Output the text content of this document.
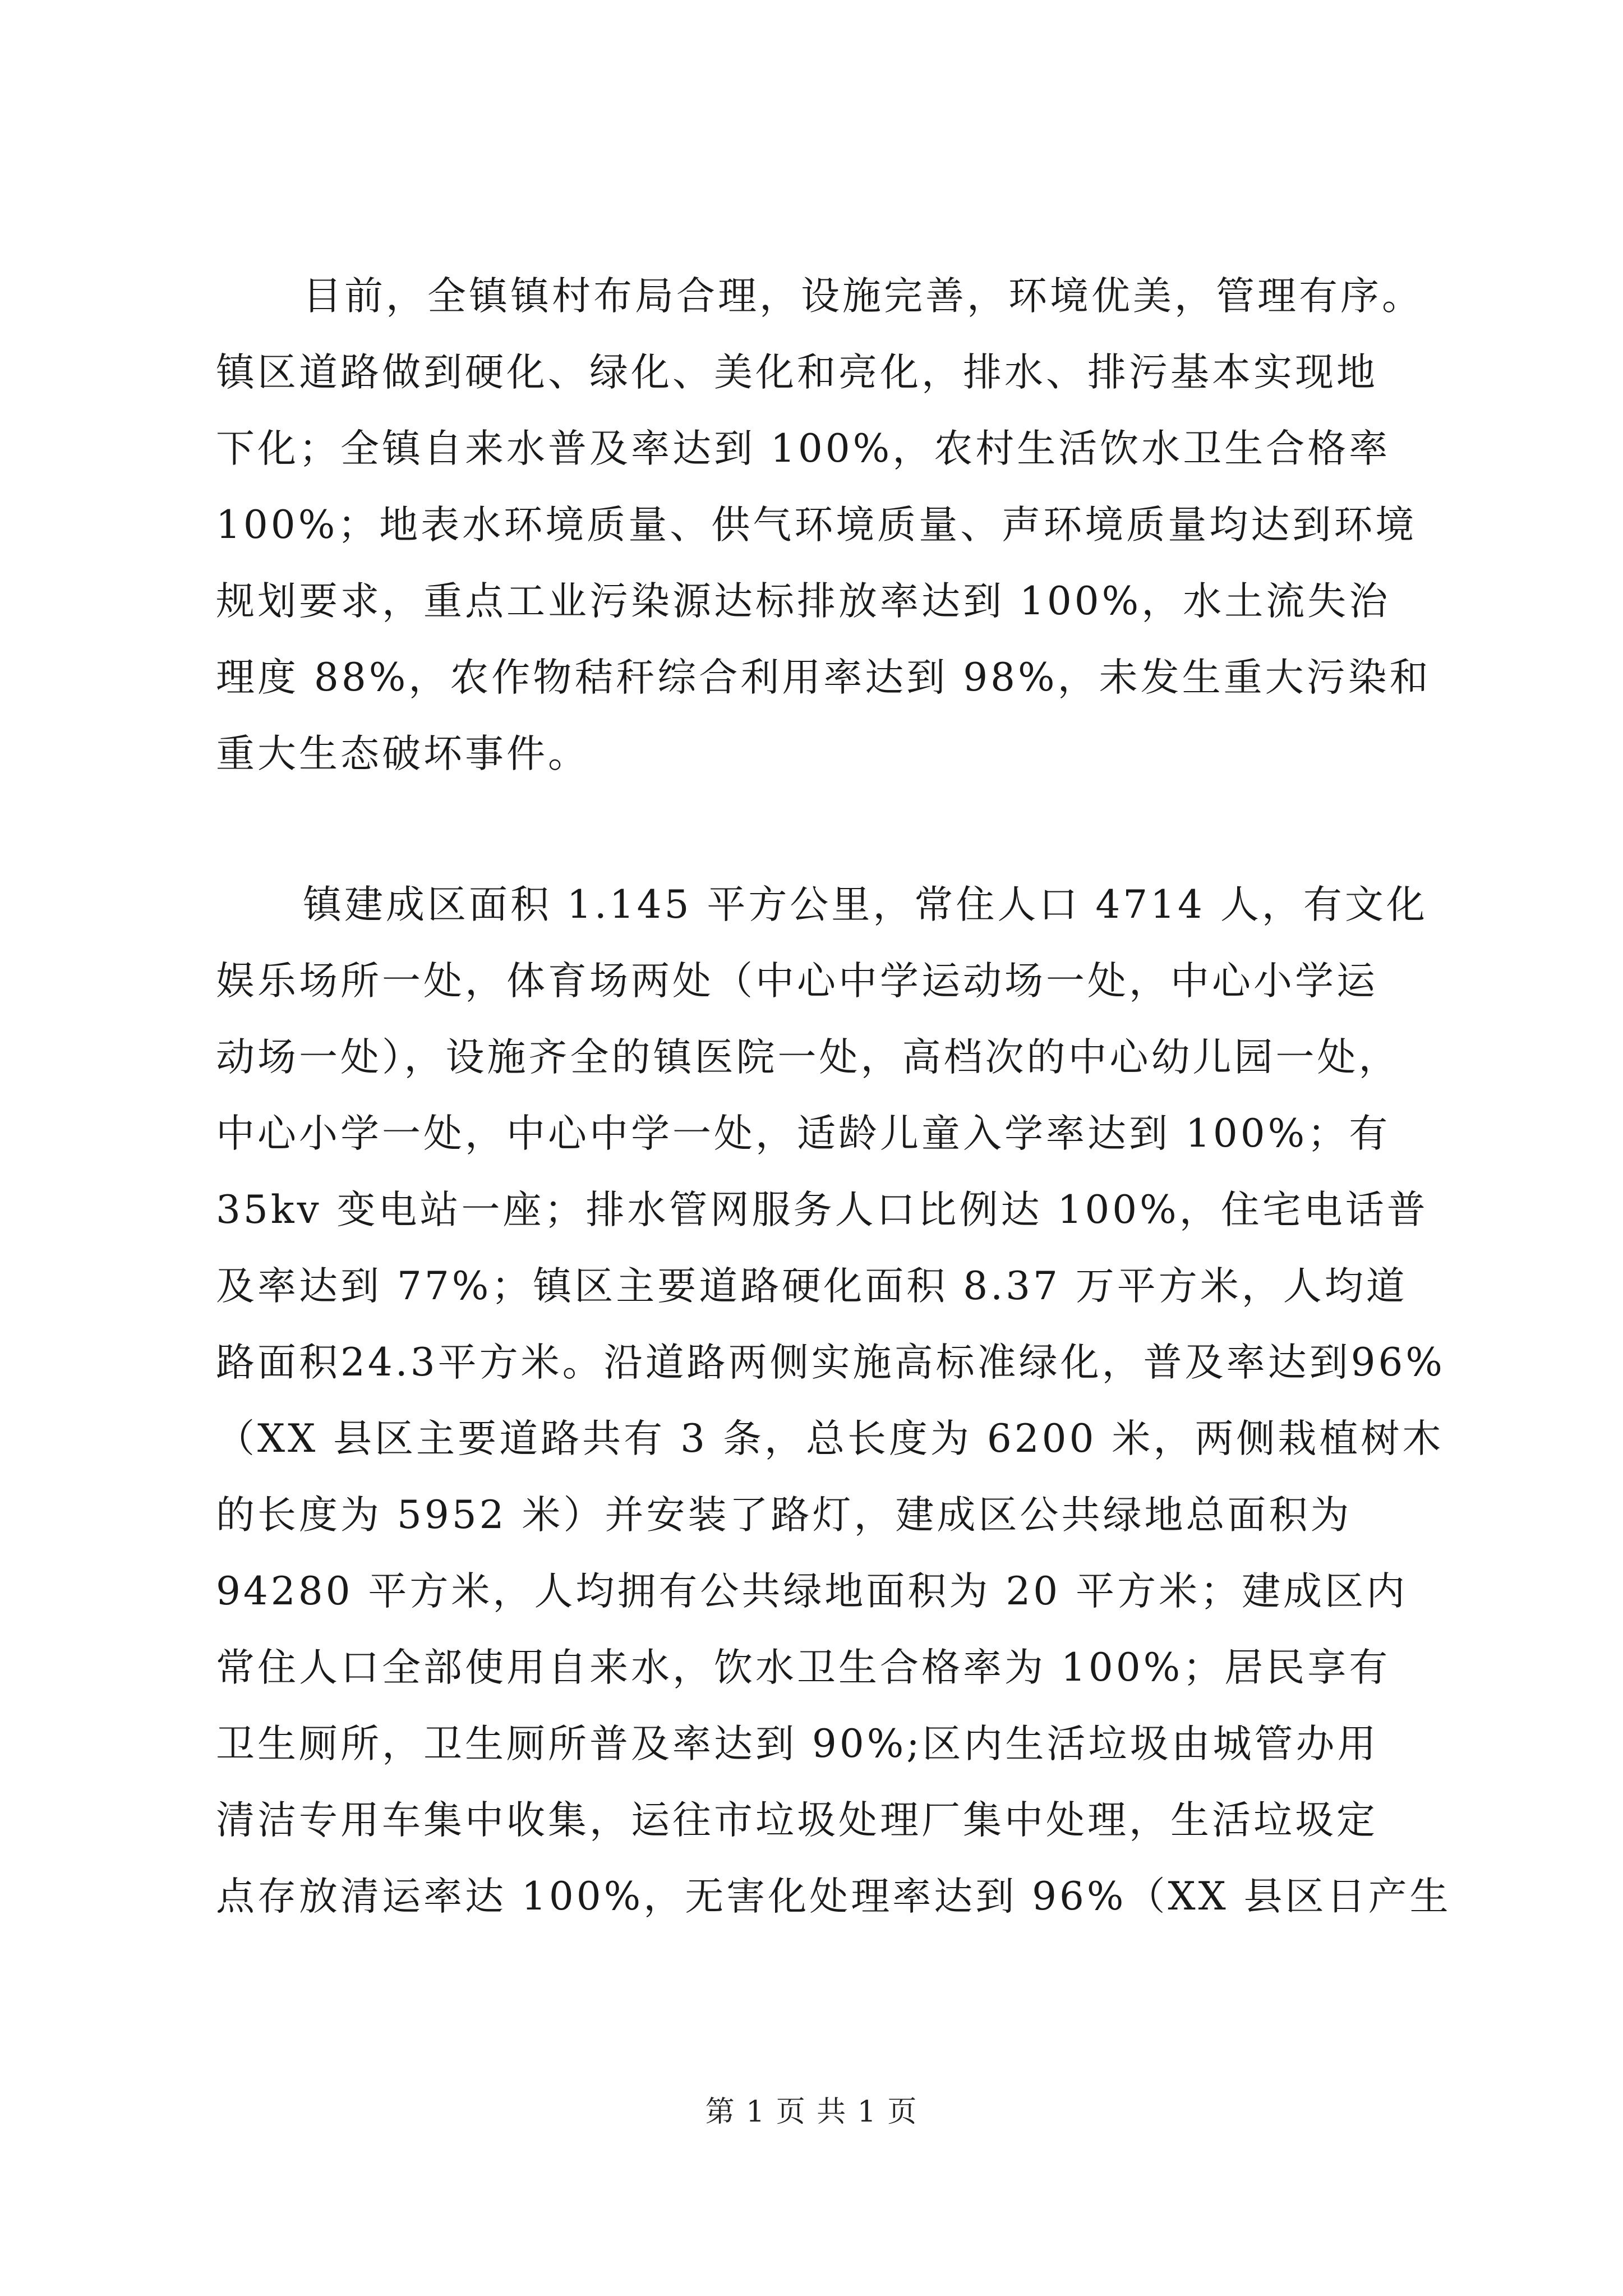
目前，全镇镇村布局合理，设施完善，环境优美，管理有序。
镇区道路做到硬化、绿化、美化和亮化，排水、排污基本实现地
下化；全镇自来水普及率达到 100%，农村生活饮水卫生合格率
100%；地表水环境质量、供气环境质量、声环境质量均达到环境
规划要求，重点工业污染源达标排放率达到 100%，水土流失治
理度 88%，农作物秸秆综合利用率达到 98%，未发生重大污染和
重大生态破坏事件。
镇建成区面积 1.145 平方公里，常住人口 4714 人，有文化
娱乐场所一处，体育场两处（中心中学运动场一处，中心小学运
动场一处），设施齐全的镇医院一处，高档次的中心幼儿园一处，
中心小学一处，中心中学一处，适龄儿童入学率达到 100%；有
35kv 变电站一座；排水管网服务人口比例达 100%，住宅电话普
及率达到 77%；镇区主要道路硬化面积 8.37 万平方米，人均道
路面积24.3平方米。沿道路两侧实施高标准绿化，普及率达到96%
（XX 县区主要道路共有 3 条，总长度为 6200 米，两侧栽植树木
的长度为 5952 米）并安装了路灯，建成区公共绿地总面积为
94280 平方米，人均拥有公共绿地面积为 20 平方米；建成区内
常住人口全部使用自来水，饮水卫生合格率为 100%；居民享有
卫生厕所，卫生厕所普及率达到 90%;区内生活垃圾由城管办用
清洁专用车集中收集，运往市垃圾处理厂集中处理，生活垃圾定
点存放清运率达 100%，无害化处理率达到 96%（XX 县区日产生
第 1 页 共 1 页
